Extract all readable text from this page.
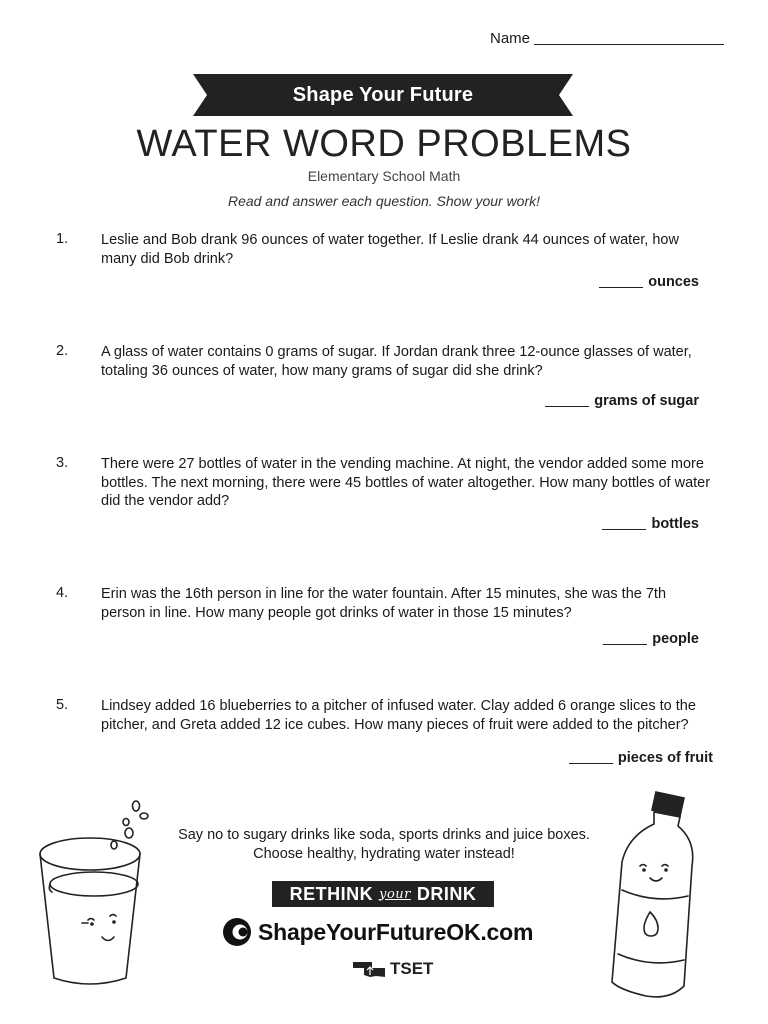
Name
Shape Your Future
WATER WORD PROBLEMS
Elementary School Math
Read and answer each question. Show your work!
1. Leslie and Bob drank 96 ounces of water together. If Leslie drank 44 ounces of water, how many did Bob drink?
ounces
2. A glass of water contains 0 grams of sugar. If Jordan drank three 12-ounce glasses of water, totaling 36 ounces of water, how many grams of sugar did she drink?
grams of sugar
3. There were 27 bottles of water in the vending machine. At night, the vendor added some more bottles. The next morning, there were 45 bottles of water altogether. How many bottles of water did the vendor add?
bottles
4. Erin was the 16th person in line for the water fountain. After 15 minutes, she was the 7th person in line. How many people got drinks of water in those 15 minutes?
people
5. Lindsey added 16 blueberries to a pitcher of infused water. Clay added 6 orange slices to the pitcher, and Greta added 12 ice cubes. How many pieces of fruit were added to the pitcher?
pieces of fruit
Say no to sugary drinks like soda, sports drinks and juice boxes.
Choose healthy, hydrating water instead!
RETHINK your DRINK
ShapeYourFutureOK.com
TSET
